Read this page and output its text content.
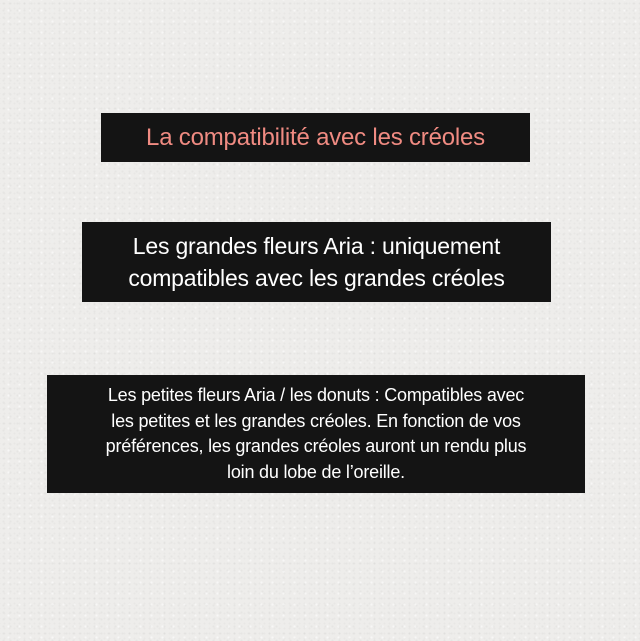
La compatibilité avec les créoles
Les grandes fleurs Aria : uniquement
compatibles avec les grandes créoles
Les petites fleurs Aria / les donuts : Compatibles avec
les petites et les grandes créoles. En fonction de vos
préférences, les grandes créoles auront un rendu plus
loin du lobe de l’oreille.
